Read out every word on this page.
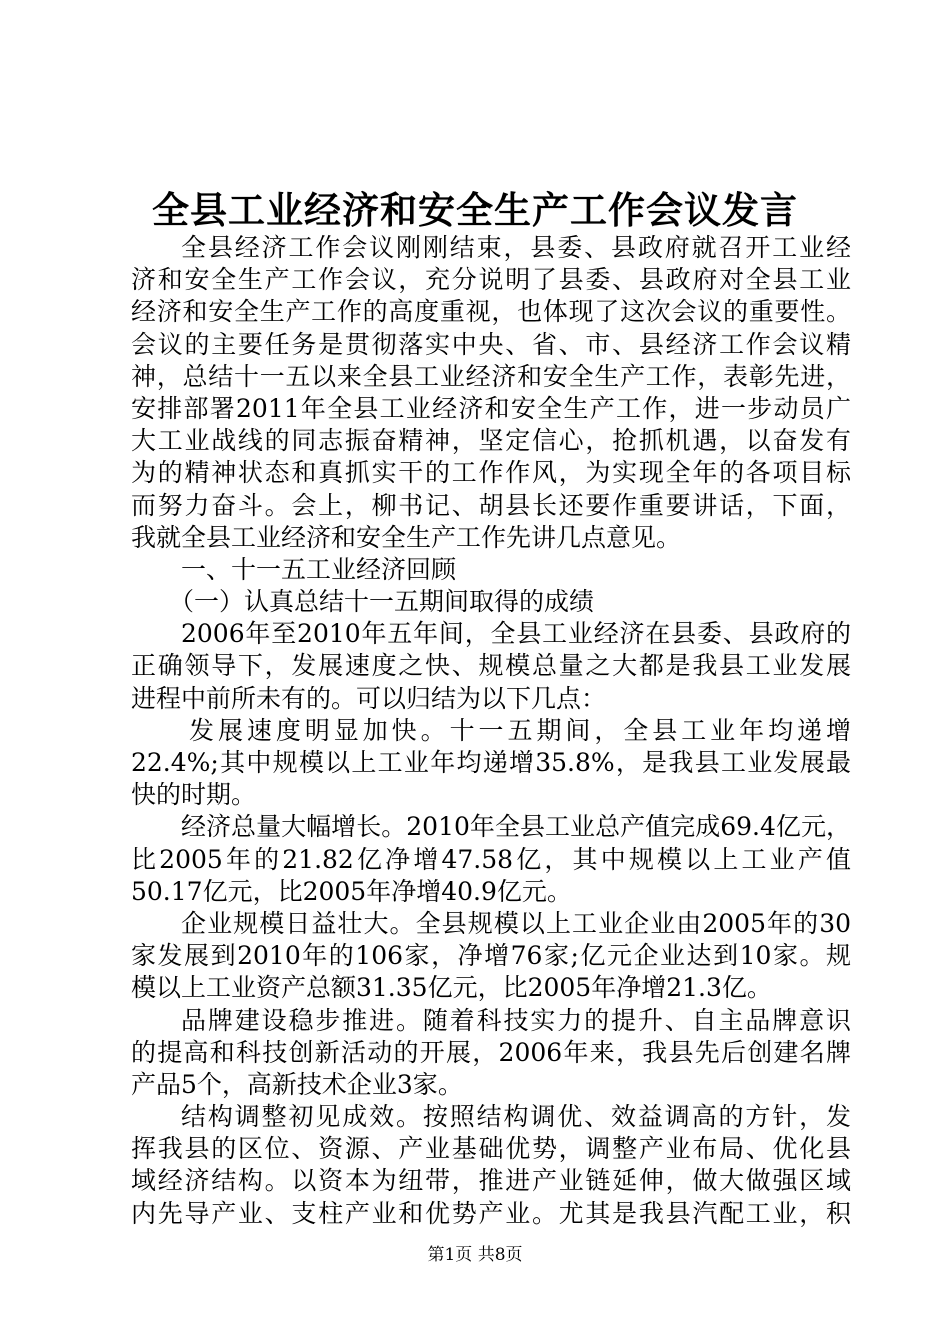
全县工业经济和安全生产工作会议发言
全县经济工作会议刚刚结束，县委、县政府就召开工业经
济和安全生产工作会议，充分说明了县委、县政府对全县工业
经济和安全生产工作的高度重视，也体现了这次会议的重要性。
会议的主要任务是贯彻落实中央、省、市、县经济工作会议精
神，总结十一五以来全县工业经济和安全生产工作，表彰先进，
安排部署2011年全县工业经济和安全生产工作，进一步动员广
大工业战线的同志振奋精神，坚定信心，抢抓机遇，以奋发有
为的精神状态和真抓实干的工作作风，为实现全年的各项目标
而努力奋斗。会上，柳书记、胡县长还要作重要讲话，下面，
我就全县工业经济和安全生产工作先讲几点意见。
一、十一五工业经济回顾
（一）认真总结十一五期间取得的成绩
2006年至2010年五年间，全县工业经济在县委、县政府的
正确领导下，发展速度之快、规模总量之大都是我县工业发展
进程中前所未有的。可以归结为以下几点：
发展速度明显加快。十一五期间，全县工业年均递增
22.4%;其中规模以上工业年均递增35.8%，是我县工业发展最
快的时期。
经济总量大幅增长。2010年全县工业总产值完成69.4亿元，
比2005年的21.82亿净增47.58亿，其中规模以上工业产值
50.17亿元，比2005年净增40.9亿元。
企业规模日益壮大。全县规模以上工业企业由2005年的30
家发展到2010年的106家，净增76家;亿元企业达到10家。规
模以上工业资产总额31.35亿元，比2005年净增21.3亿。
品牌建设稳步推进。随着科技实力的提升、自主品牌意识
的提高和科技创新活动的开展，2006年来，我县先后创建名牌
产品5个，高新技术企业3家。
结构调整初见成效。按照结构调优、效益调高的方针，发
挥我县的区位、资源、产业基础优势，调整产业布局、优化县
域经济结构。以资本为纽带，推进产业链延伸，做大做强区域
内先导产业、支柱产业和优势产业。尤其是我县汽配工业，积
第1页 共8页
